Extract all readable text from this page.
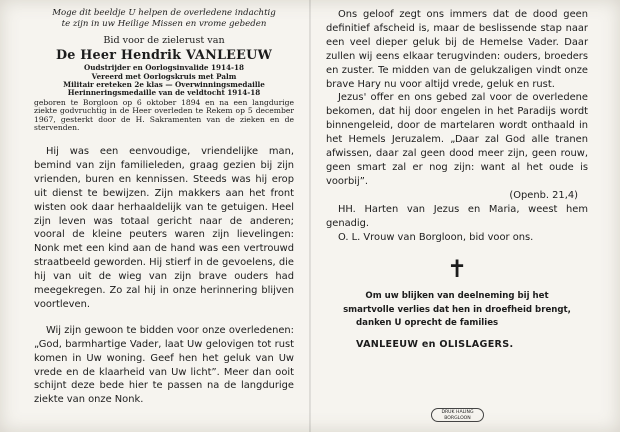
Moge dit beeldje U helpen de overledene indachtig

te zijn in uw Heilige Missen en vrome gebeden

Bid voor de zielerust van

De Heer Hendrik VANLEEUW

Oudstrijder en Oorlogsinvalide 1914-18

Vereerd met Oorlogskruis met Palm

Militair ereteken 2e klas — Overwinningsmedaille

Herinneringsmedaille van de veldtocht 1914-18

geboren te Borgloon op 6 oktober 1894 en na een langdurige ziekte godvruchtig in de Heer overleden te Rekem op 5 december 1967, gesterkt door de H. Sakramenten van de zieken en de stervenden.

Hij was een eenvoudige, vriendelijke man, bemind van zijn familieleden, graag gezien bij zijn vrienden, buren en kennissen. Steeds was hij erop uit dienst te bewijzen. Zijn makkers aan het front wisten ook daar herhaaldelijk van te getuigen. Heel zijn leven was totaal gericht naar de anderen; vooral de kleine peuters waren zijn lievelingen: Nonk met een kind aan de hand was een vertrouwd straatbeeld geworden. Hij stierf in de gevoelens, die hij van uit de wieg van zijn brave ouders had meegekregen. Zo zal hij in onze herinnering blijven voortleven.

Wij zijn gewoon te bidden voor onze overledenen: „God, barmhartige Vader, laat Uw gelovigen tot rust komen in Uw woning. Geef hen het geluk van Uw vrede en de klaarheid van Uw licht”. Meer dan ooit schijnt deze bede hier te passen na de langdurige ziekte van onze Nonk.

Ons geloof zegt ons immers dat de dood geen definitief afscheid is, maar de beslissende stap naar een veel dieper geluk bij de Hemelse Vader. Daar zullen wij eens elkaar terugvinden: ouders, broeders en zuster. Te midden van de gelukzaligen vindt onze brave Hary nu voor altijd vrede, geluk en rust.

Jezus' offer en ons gebed zal voor de overledene bekomen, dat hij door engelen in het Paradijs wordt binnengeleid, door de martelaren wordt onthaald in het Hemels Jeruzalem. „Daar zal God alle tranen afwissen, daar zal geen dood meer zijn, geen rouw, geen smart zal er nog zijn: want al het oude is voorbij”.

(Openb. 21,4)

HH. Harten van Jezus en Maria, weest hem genadig.

O. L. Vrouw van Borgloon, bid voor ons.

✝

Om uw blijken van deelneming bij het

smartvolle verlies dat hen in droefheid brengt,

danken U oprecht de families

VANLEEUW en OLISLAGERS.

DRUK HALING
BORGLOON
